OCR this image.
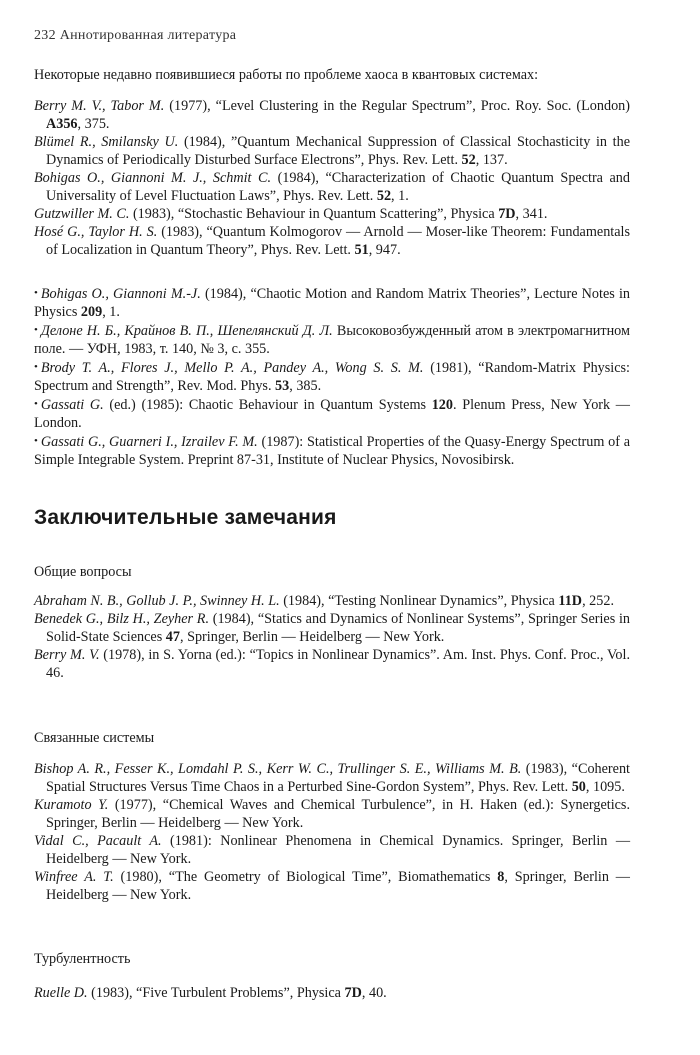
232 Аннотированная литература
Некоторые недавно появившиеся работы по проблеме хаоса в квантовых системах:

Berry M. V., Tabor M. (1977), “Level Clustering in the Regular Spectrum”, Proc. Roy. Soc. (London) A356, 375.

Blümel R., Smilansky U. (1984), ”Quantum Mechanical Suppression of Classical Stochasticity in the Dynamics of Periodically Disturbed Surface Electrons”, Phys. Rev. Lett. 52, 137.

Bohigas O., Giannoni M. J., Schmit C. (1984), “Characterization of Chaotic Quantum Spectra and Universality of Level Fluctuation Laws”, Phys. Rev. Lett. 52, 1.

Gutzwiller M. C. (1983), “Stochastic Behaviour in Quantum Scattering”, Physica 7D, 341.

Hosé G., Taylor H. S. (1983), “Quantum Kolmogorov — Arnold — Moser-like Theorem: Fundamentals of Localization in Quantum Theory”, Phys. Rev. Lett. 51, 947.

• Bohigas O., Giannoni M.-J. (1984), “Chaotic Motion and Random Matrix Theories”, Lecture Notes in Physics 209, 1.

• Делоне Н. Б., Крайнов В. П., Шепелянский Д. Л. Высоковозбужденный атом в электромагнитном поле. — УФН, 1983, т. 140, № 3, с. 355.

• Brody T. A., Flores J., Mello P. A., Pandey A., Wong S. S. M. (1981), “Random-Matrix Physics: Spectrum and Strength”, Rev. Mod. Phys. 53, 385.

• Gassati G. (ed.) (1985): Chaotic Behaviour in Quantum Systems 120. Plenum Press, New York — London.

• Gassati G., Guarneri I., Izrailev F. M. (1987): Statistical Properties of the Quasy-Energy Spectrum of a Simple Integrable System. Preprint 87-31, Institute of Nuclear Physics, Novosibirsk.

Заключительные замечания
Общие вопросы

Abraham N. B., Gollub J. P., Swinney H. L. (1984), “Testing Nonlinear Dynamics”, Physica 11D, 252.

Benedek G., Bilz H., Zeyher R. (1984), “Statics and Dynamics of Nonlinear Systems”, Springer Series in Solid-State Sciences 47, Springer, Berlin — Heidelberg — New York.

Berry M. V. (1978), in S. Yorna (ed.): “Topics in Nonlinear Dynamics”. Am. Inst. Phys. Conf. Proc., Vol. 46.

Связанные системы

Bishop A. R., Fesser K., Lomdahl P. S., Kerr W. C., Trullinger S. E., Williams M. B. (1983), “Coherent Spatial Structures Versus Time Chaos in a Perturbed Sine-Gordon System”, Phys. Rev. Lett. 50, 1095.

Kuramoto Y. (1977), “Chemical Waves and Chemical Turbulence”, in H. Haken (ed.): Synergetics. Springer, Berlin — Heidelberg — New York.

Vidal C., Pacault A. (1981): Nonlinear Phenomena in Chemical Dynamics. Springer, Berlin — Heidelberg — New York.

Winfree A. T. (1980), “The Geometry of Biological Time”, Biomathematics 8, Springer, Berlin — Heidelberg — New York.

Турбулентность

Ruelle D. (1983), “Five Turbulent Problems”, Physica 7D, 40.
